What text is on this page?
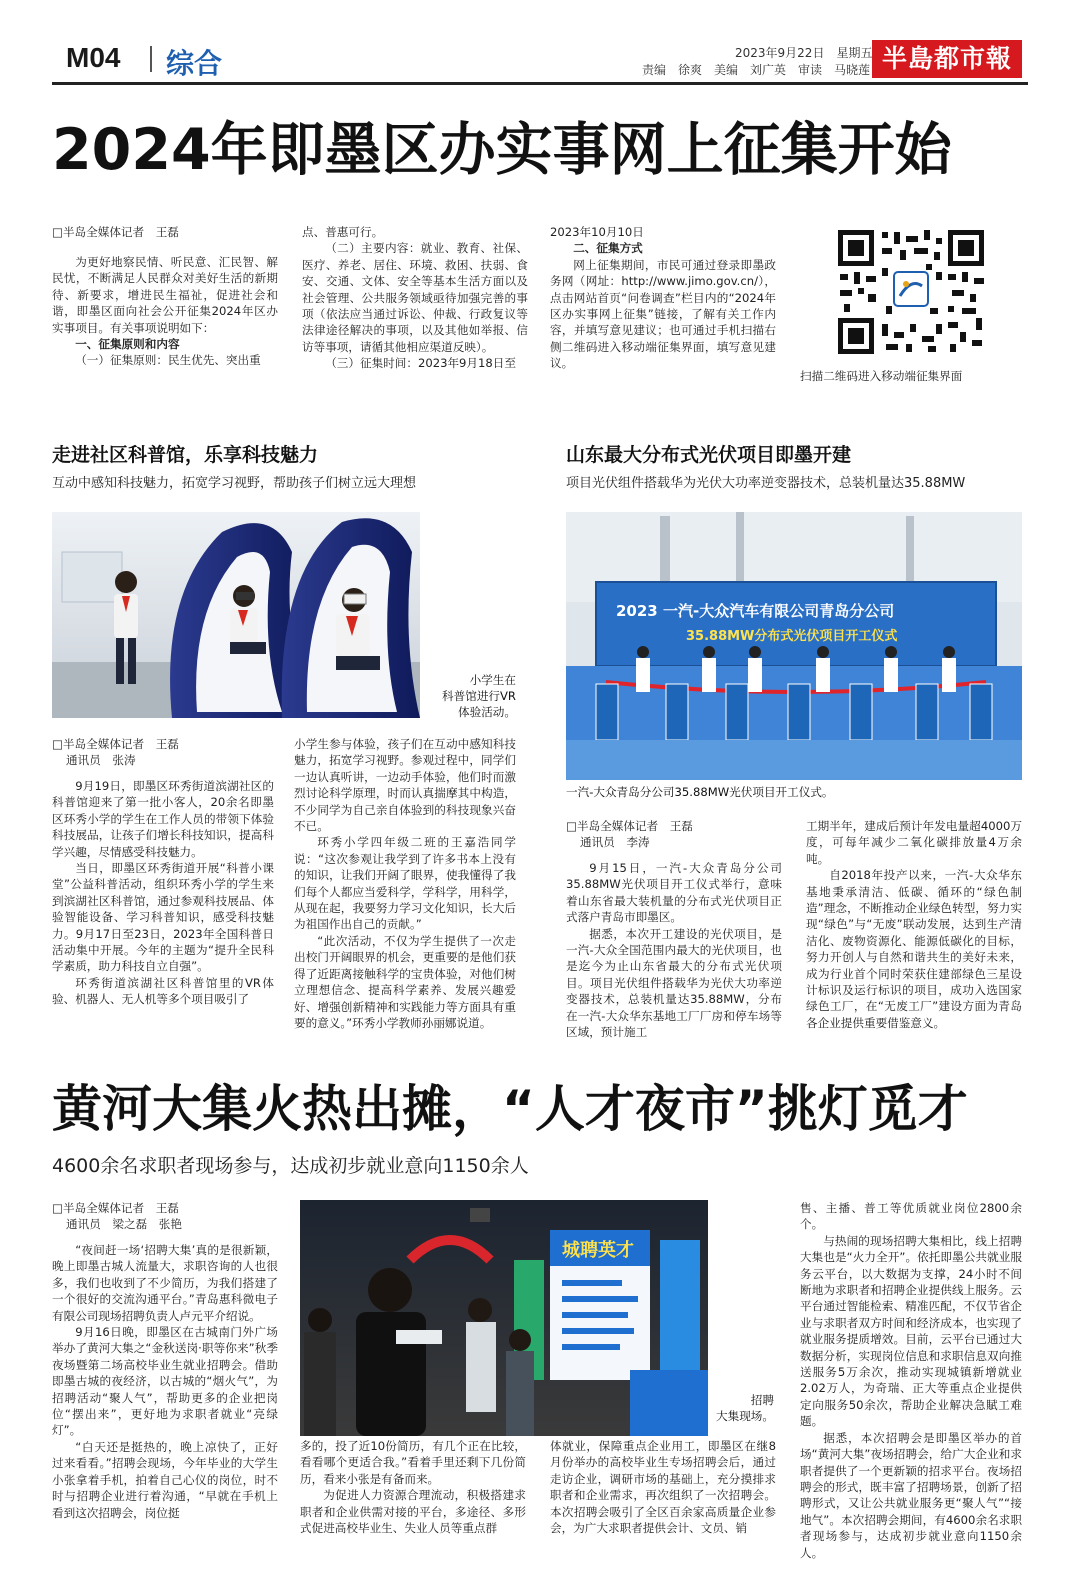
M04 综合	2023年9月22日　星期五
责编　徐爽　美编　刘广英　审读　马晓莲 半島都市報
2024年即墨区办实事网上征集开始
□半岛全媒体记者　王磊

为更好地察民情、听民意、汇民智、解民忧，不断满足人民群众对美好生活的新期待、新要求，增进民生福祉，促进社会和谐，即墨区面向社会公开征集2024年区办实事项目。有关事项说明如下：

一、征集原则和内容

（一）征集原则：民生优先、突出重

点、普惠可行。

（二）主要内容：就业、教育、社保、医疗、养老、居住、环境、救困、扶弱、食安、交通、文体、安全等基本生活方面以及社会管理、公共服务领域亟待加强完善的事项（依法应当通过诉讼、仲裁、行政复议等法律途径解决的事项，以及其他如举报、信访等事项，请循其他相应渠道反映）。

（三）征集时间：2023年9月18日至

2023年10月10日

二、征集方式

网上征集期间，市民可通过登录即墨政务网（网址：http://www.jimo.gov.cn/），点击网站首页“问卷调查”栏目内的“2024年区办实事网上征集”链接，了解有关工作内容，并填写意见建议；也可通过手机扫描右侧二维码进入移动端征集界面，填写意见建议。

扫描二维码进入移动端征集界面
走进社区科普馆，乐享科技魅力
互动中感知科技魅力，拓宽学习视野，帮助孩子们树立远大理想
小学生在
科普馆进行VR
体验活动。
□半岛全媒体记者　王磊
通讯员　张涛

9月19日，即墨区环秀街道滨湖社区的科普馆迎来了第一批小客人，20余名即墨区环秀小学的学生在工作人员的带领下体验科技展品，让孩子们增长科技知识，提高科学兴趣，尽情感受科技魅力。

当日，即墨区环秀街道开展“科普小课堂”公益科普活动，组织环秀小学的学生来到滨湖社区科普馆，通过参观科技展品、体验智能设备、学习科普知识，感受科技魅力。9月17日至23日，2023年全国科普日活动集中开展。今年的主题为“提升全民科学素质，助力科技自立自强”。

环秀街道滨湖社区科普馆里的VR体验、机器人、无人机等多个项目吸引了

小学生参与体验，孩子们在互动中感知科技魅力，拓宽学习视野。参观过程中，同学们一边认真听讲，一边动手体验，他们时而激烈讨论科学原理，时而认真揣摩其中构造，不少同学为自己亲自体验到的科技现象兴奋不已。

环秀小学四年级二班的王嘉浩同学说：“这次参观让我学到了许多书本上没有的知识，让我们开阔了眼界，使我懂得了我们每个人都应当爱科学，学科学，用科学，从现在起，我要努力学习文化知识，长大后为祖国作出自己的贡献。”

“此次活动，不仅为学生提供了一次走出校门开阔眼界的机会，更重要的是他们获得了近距离接触科学的宝贵体验，对他们树立理想信念、提高科学素养、发展兴趣爱好、增强创新精神和实践能力等方面具有重要的意义。”环秀小学教师孙丽娜说道。

山东最大分布式光伏项目即墨开建
项目光伏组件搭载华为光伏大功率逆变器技术，总装机量达35.88MW
2023 一汽-大众汽车有限公司青岛分公司
35.88MW分布式光伏项目开工仪式
一汽-大众青岛分公司35.88MW光伏项目开工仪式。
□半岛全媒体记者　王磊
通讯员　李涛

9月15日，一汽-大众青岛分公司35.88MW光伏项目开工仪式举行，意味着山东省最大装机量的分布式光伏项目正式落户青岛市即墨区。

据悉，本次开工建设的光伏项目，是一汽-大众全国范围内最大的光伏项目，也是迄今为止山东省最大的分布式光伏项目。项目光伏组件搭载华为光伏大功率逆变器技术，总装机量达35.88MW，分布在一汽-大众华东基地工厂厂房和停车场等区域，预计施工

工期半年，建成后预计年发电量超4000万度，可每年减少二氧化碳排放量4万余吨。

自2018年投产以来，一汽-大众华东基地秉承清洁、低碳、循环的“绿色制造”理念，不断推动企业绿色转型，努力实现“绿色”与“无废”联动发展，达到生产清洁化、废物资源化、能源低碳化的目标，努力开创人与自然和谐共生的美好未来，成为行业首个同时荣获住建部绿色三星设计标识及运行标识的项目，成功入选国家绿色工厂，在“无废工厂”建设方面为青岛各企业提供重要借鉴意义。

黄河大集火热出摊，“人才夜市”挑灯觅才
4600余名求职者现场参与，达成初步就业意向1150余人
□半岛全媒体记者　王磊
通讯员　梁之磊　张艳

“夜间赶一场‘招聘大集’真的是很新颖，晚上即墨古城人流量大，求职咨询的人也很多，我们也收到了不少简历，为我们搭建了一个很好的交流沟通平台。”青岛惠科微电子有限公司现场招聘负责人卢元平介绍说。

9月16日晚，即墨区在古城南门外广场举办了黄河大集之“金秋送岗·职等你来”秋季夜场暨第二场高校毕业生就业招聘会。借助即墨古城的夜经济，以古城的“烟火气”，为招聘活动“聚人气”，帮助更多的企业把岗位“摆出来”，更好地为求职者就业“亮绿灯”。

“白天还是挺热的，晚上凉快了，正好过来看看。”招聘会现场，今年毕业的大学生小张拿着手机，拍着自己心仪的岗位，时不时与招聘企业进行着沟通，“早就在手机上看到这次招聘会，岗位挺

城聘英才
招聘
大集现场。

多的，投了近10份简历，有几个正在比较，看看哪个更适合我。”看着手里还剩下几份简历，看来小张是有备而来。

为促进人力资源合理流动，积极搭建求职者和企业供需对接的平台，多途径、多形式促进高校毕业生、失业人员等重点群

体就业，保障重点企业用工，即墨区在继8月份举办的高校毕业生专场招聘会后，通过走访企业，调研市场的基础上，充分摸排求职者和企业需求，再次组织了一次招聘会。本次招聘会吸引了全区百余家高质量企业参会，为广大求职者提供会计、文员、销

售、主播、普工等优质就业岗位2800余个。

与热闹的现场招聘大集相比，线上招聘大集也是“火力全开”。依托即墨公共就业服务云平台，以大数据为支撑，24小时不间断地为求职者和招聘企业提供线上服务。云平台通过智能检索、精准匹配，不仅节省企业与求职者双方时间和经济成本，也实现了就业服务提质增效。目前，云平台已通过大数据分析，实现岗位信息和求职信息双向推送服务5万余次，推动实现城镇新增就业2.02万人，为奇瑞、正大等重点企业提供定向服务50余次，帮助企业解决急賦工难题。

据悉，本次招聘会是即墨区举办的首场“黄河大集”夜场招聘会，给广大企业和求职者提供了一个更新颖的招求平台。夜场招聘会的形式，既丰富了招聘场景，创新了招聘形式，又让公共就业服务更“聚人气”“接地气”。本次招聘会期间，有4600余名求职者现场参与，达成初步就业意向1150余人。
